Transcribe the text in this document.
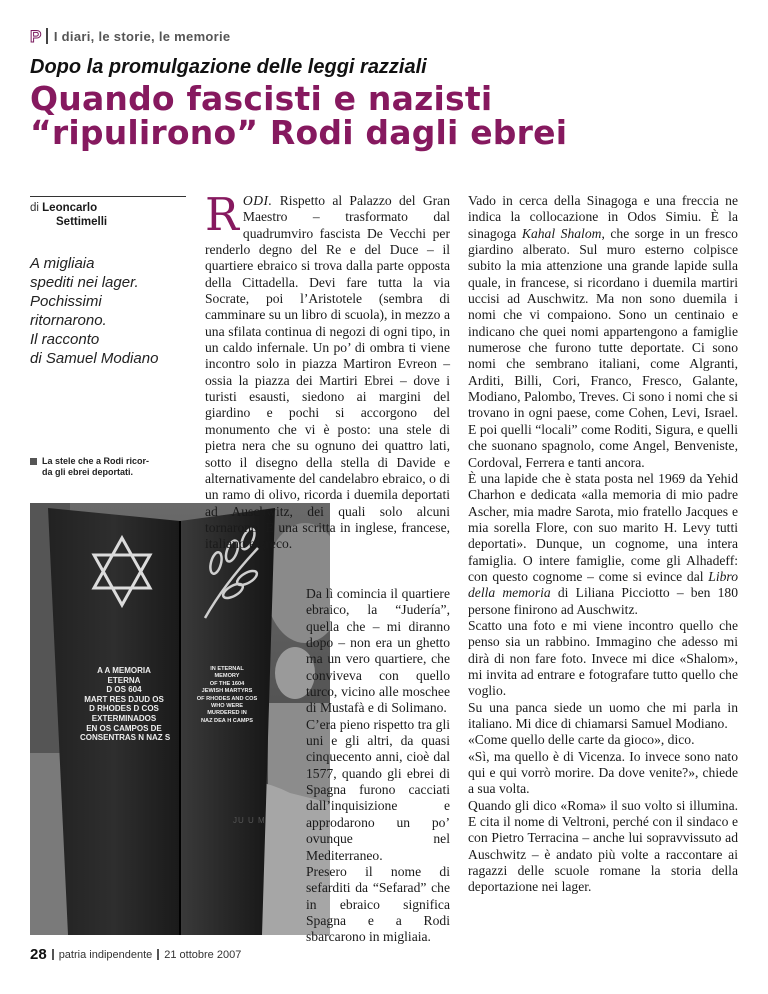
P I diari, le storie, le memorie
Dopo la promulgazione delle leggi razziali
Quando fascisti e nazisti
“ripulirono” Rodi dagli ebrei
di Leoncarlo
Settimelli
A migliaia
spediti nei lager.
Pochissimi
ritornarono.
Il racconto
di Samuel Modiano
La stele che a Rodi ricor-
da gli ebrei deportati.
A A MEMORIA
ETERNA
D OS 604
MART RES DJUD OS
D RHODES D COS
EXTERMINADOS
EN OS CAMPOS DE
CONSENTRAS N NAZ S
IN ETERNAL
MEMORY
OF THE 1604
JEWISH MARTYRS
OF RHODES AND COS
WHO WERE
MURDERED IN
NAZ DEA H CAMPS
JU U M

RODI. Rispetto al Palazzo del Gran Maestro – trasformato dal quadrumviro fascista De Vecchi per renderlo degno del Re e del Duce – il quartiere ebraico si trova dalla parte opposta della Cittadella. Devi fare tutta la via Socrate, poi l’Aristotele (sembra di camminare su un libro di scuola), in mezzo a una sfilata continua di negozi di ogni tipo, in un caldo infernale. Un po’ di ombra ti viene incontro solo in piazza Martiron Evreon – ossia la piazza dei Martiri Ebrei – dove i turisti esausti, siedono ai margini del giardino e pochi si accorgono del monumento che vi è posto: una stele di pietra nera che su ognuno dei quattro lati, sotto il disegno della stella di Davide e alternativamente del candelabro ebraico, o di un ramo di olivo, ricorda i duemila deportati ad Auschwitz, dei quali solo alcuni tornarono. È una scritta in inglese, francese, italiano e greco.

Da lì comincia il quartiere ebraico, la “Judería”, quella che – mi diranno dopo – non era un ghetto ma un vero quartiere, che conviveva con quello turco, vicino alle moschee di Mustafà e di Solimano.

C’era pieno rispetto tra gli uni e gli altri, da quasi cinquecento anni, cioè dal 1577, quando gli ebrei di Spagna furono cacciati dall’inquisizione e approdarono un po’ ovunque nel Mediterraneo.

Presero il nome di sefarditi da “Sefarad” che in ebraico significa Spagna e a Rodi sbarcarono in migliaia.

Vado in cerca della Sinagoga e una freccia ne indica la collocazione in Odos Simiu. È la sinagoga Kahal Shalom, che sorge in un fresco giardino alberato. Sul muro esterno colpisce subito la mia attenzione una grande lapide sulla quale, in francese, si ricordano i duemila martiri uccisi ad Auschwitz. Ma non sono duemila i nomi che vi compaiono. Sono un centinaio e indicano che quei nomi appartengono a famiglie numerose che furono tutte deportate. Ci sono nomi che sembrano italiani, come Algranti, Arditi, Billi, Cori, Franco, Fresco, Galante, Modiano, Palombo, Treves. Ci sono i nomi che si trovano in ogni paese, come Cohen, Levi, Israel. E poi quelli “locali” come Roditi, Sigura, e quelli che suonano spagnolo, come Angel, Benveniste, Cordoval, Ferrera e tanti ancora.

È una lapide che è stata posta nel 1969 da Yehid Charhon e dedicata «alla memoria di mio padre Ascher, mia madre Sarota, mio fratello Jacques e mia sorella Flore, con suo marito H. Levy tutti deportati». Dunque, un cognome, una intera famiglia. O intere famiglie, come gli Alhadeff: con questo cognome – come si evince dal Libro della memoria di Liliana Picciotto – ben 180 persone finirono ad Auschwitz.

Scatto una foto e mi viene incontro quello che penso sia un rabbino. Immagino che adesso mi dirà di non fare foto. Invece mi dice «Shalom», mi invita ad entrare e fotografare tutto quello che voglio.

Su una panca siede un uomo che mi parla in italiano. Mi dice di chiamarsi Samuel Modiano.

«Come quello delle carte da gioco», dico.

«Sì, ma quello è di Vicenza. Io invece sono nato qui e qui vorrò morire. Da dove venite?», chiede a sua volta.

Quando gli dico «Roma» il suo volto si illumina. E cita il nome di Veltroni, perché con il sindaco e con Pietro Terracina – anche lui sopravvissuto ad Auschwitz – è andato più volte a raccontare ai ragazzi delle scuole romane la storia della deportazione nei lager.

28 patria indipendente 21 ottobre 2007
